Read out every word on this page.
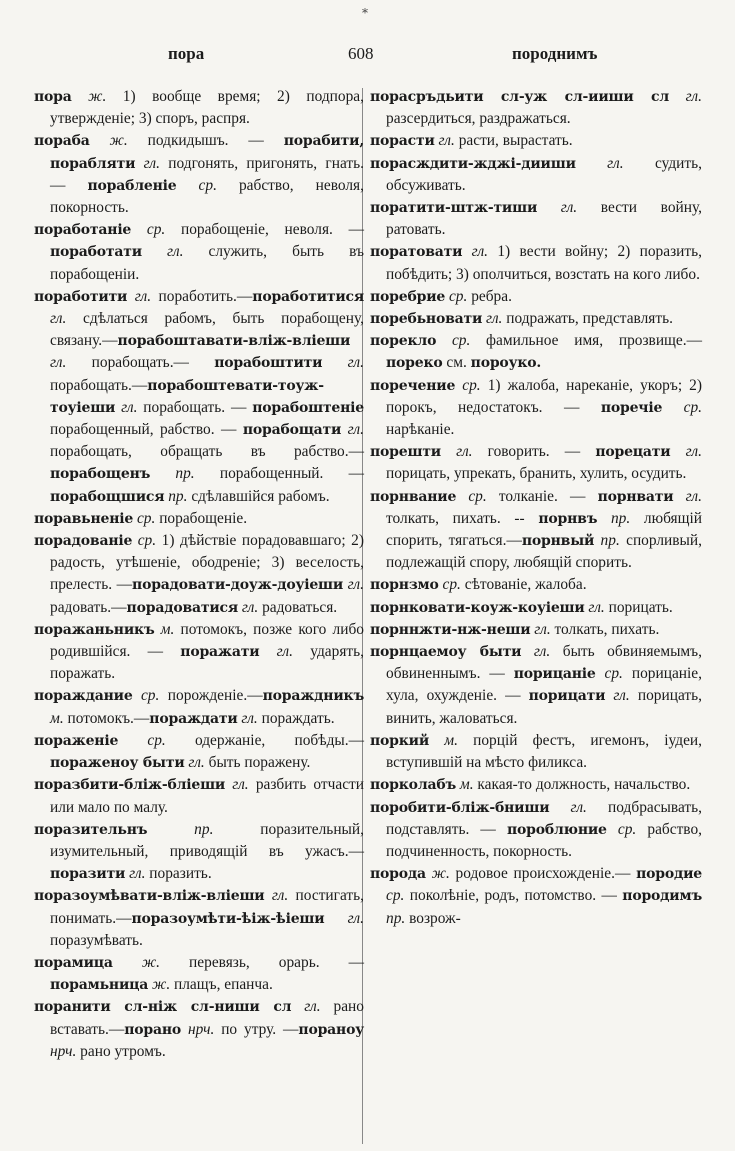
*
пора	608	породнимъ

пора ж. 1) вообще время; 2) подпора, утвержденіе; 3) споръ, распря.

пораба ж. подкидышъ. — порабити, порабляти гл. подгонять, пригонять, гнать. — порабленіе ср. рабство, неволя, покорность.

поработаніе ср. порабощеніе, неволя. —поработати гл. служить, быть въ порабощеніи.

поработити гл. поработить.—поработитися гл. сдѣлаться рабомъ, быть порабощену, связану.—порабоштавати-вліж-вліеши гл. порабощать.— порабоштити гл. порабощать.—порабоштевати-тоуж-тоуіеши гл. порабощать. — порабоштеніе порабощенный, рабство. — порабощати гл. порабощать, обращать въ рабство.— порабощенъ пр. порабощенный. — порабощшися пр. сдѣлавшійся рабомъ.

поравьненіе ср. порабощеніе.

порадованіе ср. 1) дѣйствіе порадовавшаго; 2) радость, утѣшеніе, ободреніе; 3) веселость, прелесть. —порадовати-доуж-доуіеши гл. радовать.—порадоватися гл. радоваться.

поражаньникъ м. потомокъ, позже кого либо родившійся. — поражати гл. ударять, поражать.

пораждание ср. порожденіе.—пораждникъ м. потомокъ.—пораждати гл. пораждать.

пораженіе ср. одержаніе, побѣды.— пораженоу быти гл. быть поражену.

поразбити-бліж-бліеши гл. разбить отчасти или мало по малу.

поразительнъ пр. поразительный, изумительный, приводящій въ ужасъ.—поразити гл. поразить.

поразоумѣвати-вліж-вліеши гл. постигать, понимать.—поразоумѣти-ѣіж-ѣіеши гл. поразумѣвать.

порамица ж. перевязь, орарь. — порамьница ж. плащъ, епанча.

поранити сл-ніж сл-ниши сл гл. рано вставать.—порано нрч. по утру. —пораноу нрч. рано утромъ.

порасръдьити сл-уж сл-ииши сл гл. разсердиться, раздражаться.

порасти гл. расти, вырастать.

порасждити-жджі-дииши гл. судить, обсуживать.

поратити-штж-тиши гл. вести войну, ратовать.

поратовати гл. 1) вести войну; 2) поразить, побѣдить; 3) ополчиться, возстать на кого либо.

поребрие ср. ребра.

поребьновати гл. подражать, представлять.

порекло ср. фамильное имя, прозвище.—пореко см. пороуко.

поречение ср. 1) жалоба, нареканіе, укоръ; 2) порокъ, недостатокъ. — поречіе ср. нарѣканіе.

порешти гл. говорить. — порецати гл. порицать, упрекать, бранить, хулить, осудить.

порнвание ср. толканіе. — порнвати гл. толкать, пихать. -- порнвъ пр. любящій спорить, тягаться.—порнвый пр. спорливый, подлежащій спору, любящій спорить.

порнзмо ср. сѣтованіе, жалоба.

порнковати-коуж-коуіеши гл. порицать.

порннжти-нж-неши гл. толкать, пихать.

порнцаемоу быти гл. быть обвиняемымъ, обвиненнымъ. — порицаніе ср. порицаніе, хула, охужденіе. — порицати гл. порицать, винить, жаловаться.

поркий м. порцій фестъ, игемонъ, іудеи, вступившій на мѣсто филикса.

порколабъ м. какая-то должность, начальство.

поробити-бліж-бниши гл. подбрасывать, подставлять. — пороблюние ср. рабство, подчиненность, покорность.

порода ж. родовое происхожденіе.— породие ср. поколѣніе, родъ, потомство. — породимъ пр. возрож-
